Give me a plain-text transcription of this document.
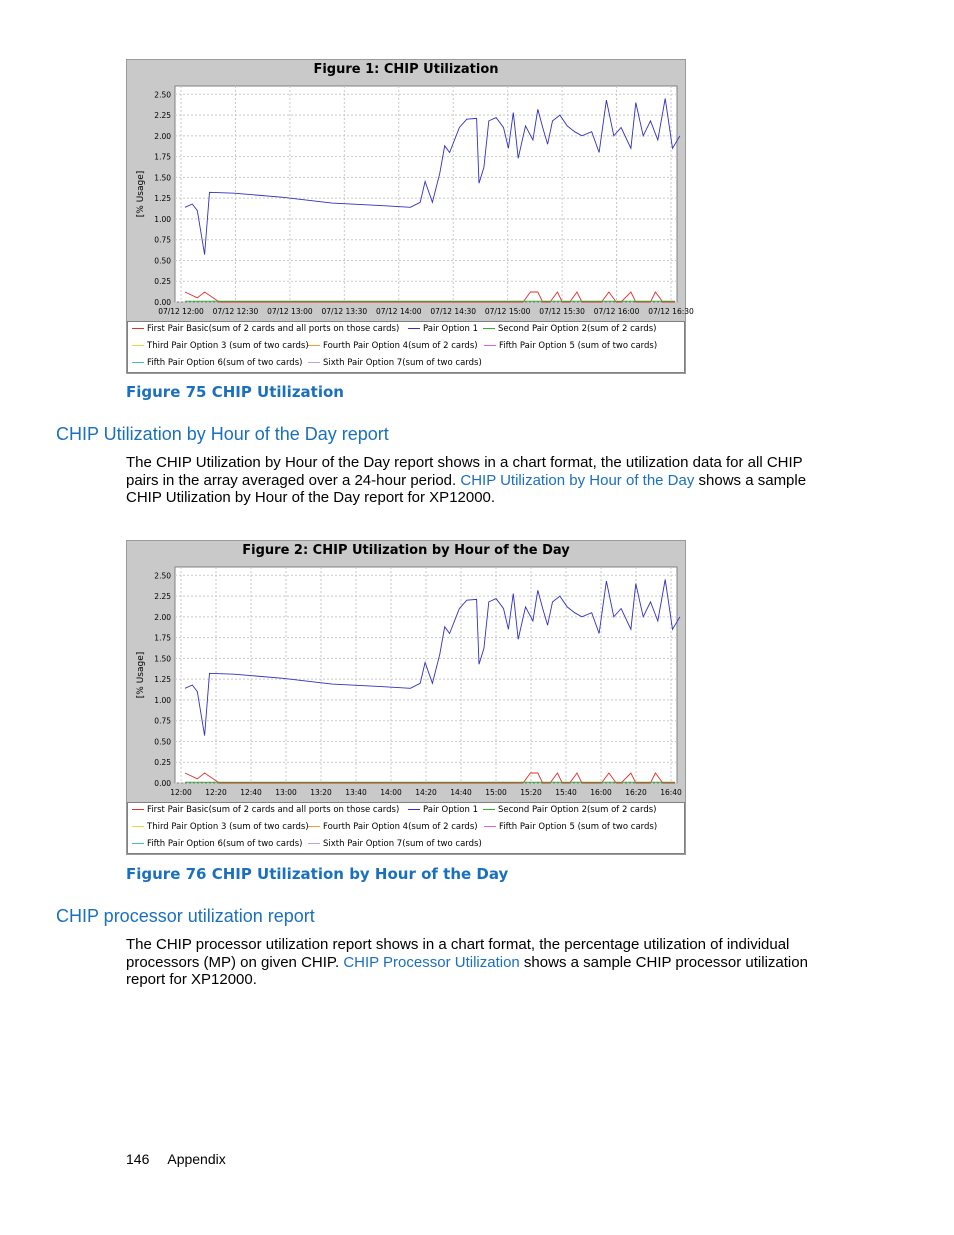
0.00
0.25
0.50
0.75
1.00
1.25
1.50
1.75
2.00
2.25
2.50
07/12 12:00 07/12 12:30 07/12 13:00 07/12 13:30 07/12 14:00 07/12 14:30 07/12 15:00 07/12 15:30 07/12 16:00 07/12 16:30
[% Usage]
Figure 1: CHIP Utilization
First Pair Basic(sum of 2 cards and all ports on those cards)	Pair Option 1	Second Pair Option 2(sum of 2 cards)
Third Pair Option 3 (sum of two cards)	Fourth Pair Option 4(sum of 2 cards)	Fifth Pair Option 5 (sum of two cards)
Fifth Pair Option 6(sum of two cards)	Sixth Pair Option 7(sum of two cards)
Figure 75 CHIP Utilization
CHIP Utilization by Hour of the Day report
The CHIP Utilization by Hour of the Day report shows in a chart format, the utilization data for all CHIP pairs in the array averaged over a 24-hour period. CHIP Utilization by Hour of the Day shows a sample CHIP Utilization by Hour of the Day report for XP12000.
0.00
0.25
0.50
0.75
1.00
1.25
1.50
1.75
2.00
2.25
2.50
12:00 12:20 12:40 13:00 13:20 13:40 14:00 14:20 14:40 15:00 15:20 15:40 16:00 16:20 16:40
[% Usage]
Figure 2: CHIP Utilization by Hour of the Day
First Pair Basic(sum of 2 cards and all ports on those cards)	Pair Option 1	Second Pair Option 2(sum of 2 cards)
Third Pair Option 3 (sum of two cards)	Fourth Pair Option 4(sum of 2 cards)	Fifth Pair Option 5 (sum of two cards)
Fifth Pair Option 6(sum of two cards)	Sixth Pair Option 7(sum of two cards)
Figure 76 CHIP Utilization by Hour of the Day
CHIP processor utilization report
The CHIP processor utilization report shows in a chart format, the percentage utilization of individual processors (MP) on given CHIP. CHIP Processor Utilization shows a sample CHIP processor utilization report for XP12000.
146 Appendix
